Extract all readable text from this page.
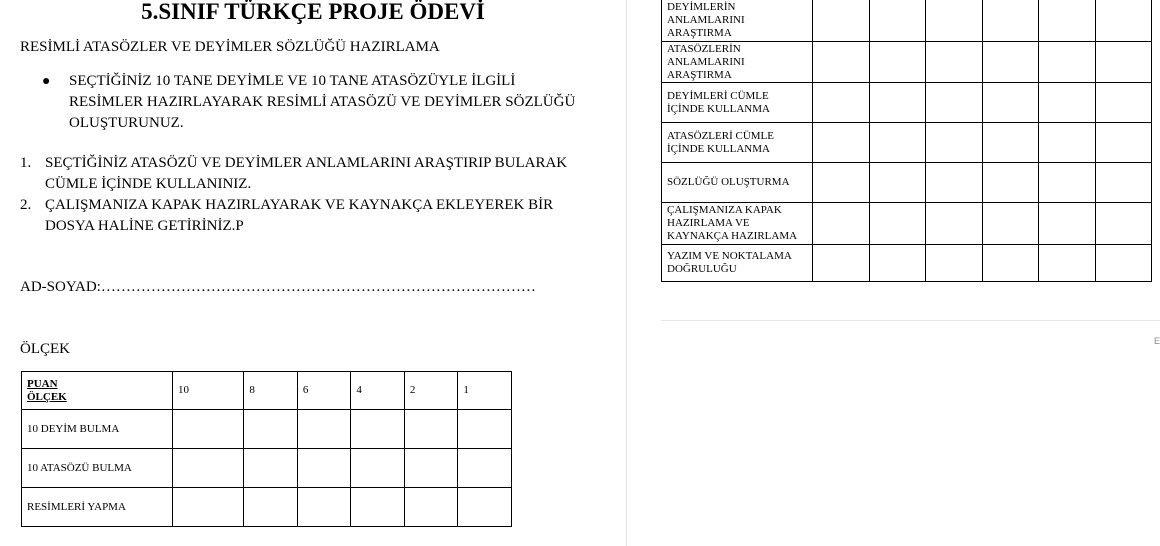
5.SINIF TÜRKÇE PROJE ÖDEVİ
RESİMLİ ATASÖZLER VE DEYİMLER SÖZLÜĞÜ HAZIRLAMA
● SEÇTİĞİNİZ 10 TANE DEYİMLE VE 10 TANE ATASÖZÜYLE İLGİLİ RESİMLER HAZIRLAYARAK RESİMLİ ATASÖZÜ VE DEYİMLER SÖZLÜĞÜ OLUŞTURUNUZ.
1. SEÇTİĞİNİZ ATASÖZÜ VE DEYİMLER ANLAMLARINI ARAŞTIRIP BULARAK CÜMLE İÇİNDE KULLANINIZ.
2. ÇALIŞMANIZA KAPAK HAZIRLAYARAK VE KAYNAKÇA EKLEYEREK BİR DOSYA HALİNE GETİRİNİZ.P
AD-SOYAD:……………………………………………………………………………
ÖLÇEK
PUAN
ÖLÇEK	10	8	6	4	2	1
10 DEYİM BULMA						
10 ATASÖZÜ BULMA						
RESİMLERİ YAPMA						
DEYİMLERİN ANLAMLARINI ARAŞTIRMA						
ATASÖZLERİN ANLAMLARINI ARAŞTIRMA						
DEYİMLERİ CÜMLE İÇİNDE KULLANMA						
ATASÖZLERİ CÜMLE İÇİNDE KULLANMA						
SÖZLÜĞÜ OLUŞTURMA						
ÇALIŞMANIZA KAPAK HAZIRLAMA VE KAYNAKÇA HAZIRLAMA						
YAZIM VE NOKTALAMA DOĞRULUĞU						
E
